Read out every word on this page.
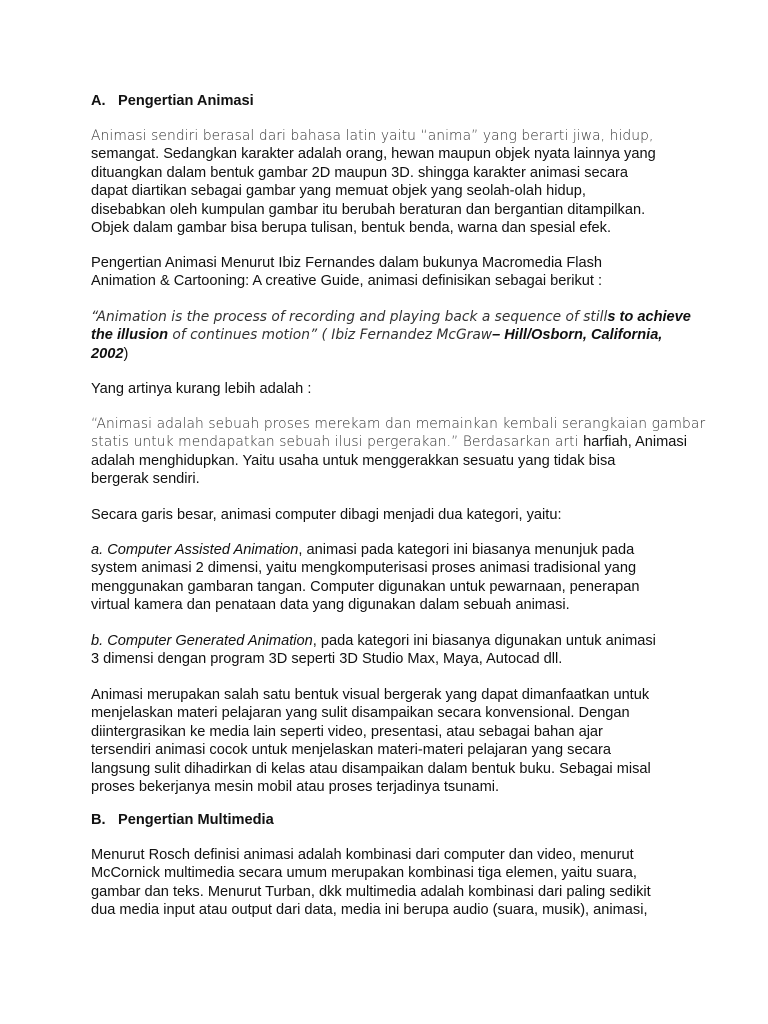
A. Pengertian Animasi

Animasi sendiri berasal dari bahasa latin yaitu “anima” yang berarti jiwa, hidup,
semangat. Sedangkan karakter adalah orang, hewan maupun objek nyata lainnya yang
dituangkan dalam bentuk gambar 2D maupun 3D. shingga karakter animasi secara
dapat diartikan sebagai gambar yang memuat objek yang seolah-olah hidup,
disebabkan oleh kumpulan gambar itu berubah beraturan dan bergantian ditampilkan.
Objek dalam gambar bisa berupa tulisan, bentuk benda, warna dan spesial efek.

Pengertian Animasi Menurut Ibiz Fernandes dalam bukunya Macromedia Flash
Animation & Cartooning: A creative Guide, animasi definisikan sebagai berikut :

“Animation is the process of recording and playing back a sequence of stills to achieve
the illusion of continues motion” ( Ibiz Fernandez McGraw– Hill/Osborn, California,
2002)

Yang artinya kurang lebih adalah :

“Animasi adalah sebuah proses merekam dan memainkan kembali serangkaian gambar
statis untuk mendapatkan sebuah ilusi pergerakan.” Berdasarkan arti harfiah, Animasi
adalah menghidupkan. Yaitu usaha untuk menggerakkan sesuatu yang tidak bisa
bergerak sendiri.

Secara garis besar, animasi computer dibagi menjadi dua kategori, yaitu:

a. Computer Assisted Animation, animasi pada kategori ini biasanya menunjuk pada
system animasi 2 dimensi, yaitu mengkomputerisasi proses animasi tradisional yang
menggunakan gambaran tangan. Computer digunakan untuk pewarnaan, penerapan
virtual kamera dan penataan data yang digunakan dalam sebuah animasi.

b. Computer Generated Animation, pada kategori ini biasanya digunakan untuk animasi
3 dimensi dengan program 3D seperti 3D Studio Max, Maya, Autocad dll.

Animasi merupakan salah satu bentuk visual bergerak yang dapat dimanfaatkan untuk
menjelaskan materi pelajaran yang sulit disampaikan secara konvensional. Dengan
diintergrasikan ke media lain seperti video, presentasi, atau sebagai bahan ajar
tersendiri animasi cocok untuk menjelaskan materi-materi pelajaran yang secara
langsung sulit dihadirkan di kelas atau disampaikan dalam bentuk buku. Sebagai misal
proses bekerjanya mesin mobil atau proses terjadinya tsunami.

B. Pengertian Multimedia

Menurut Rosch definisi animasi adalah kombinasi dari computer dan video, menurut
McCornick multimedia secara umum merupakan kombinasi tiga elemen, yaitu suara,
gambar dan teks. Menurut Turban, dkk multimedia adalah kombinasi dari paling sedikit
dua media input atau output dari data, media ini berupa audio (suara, musik), animasi,
